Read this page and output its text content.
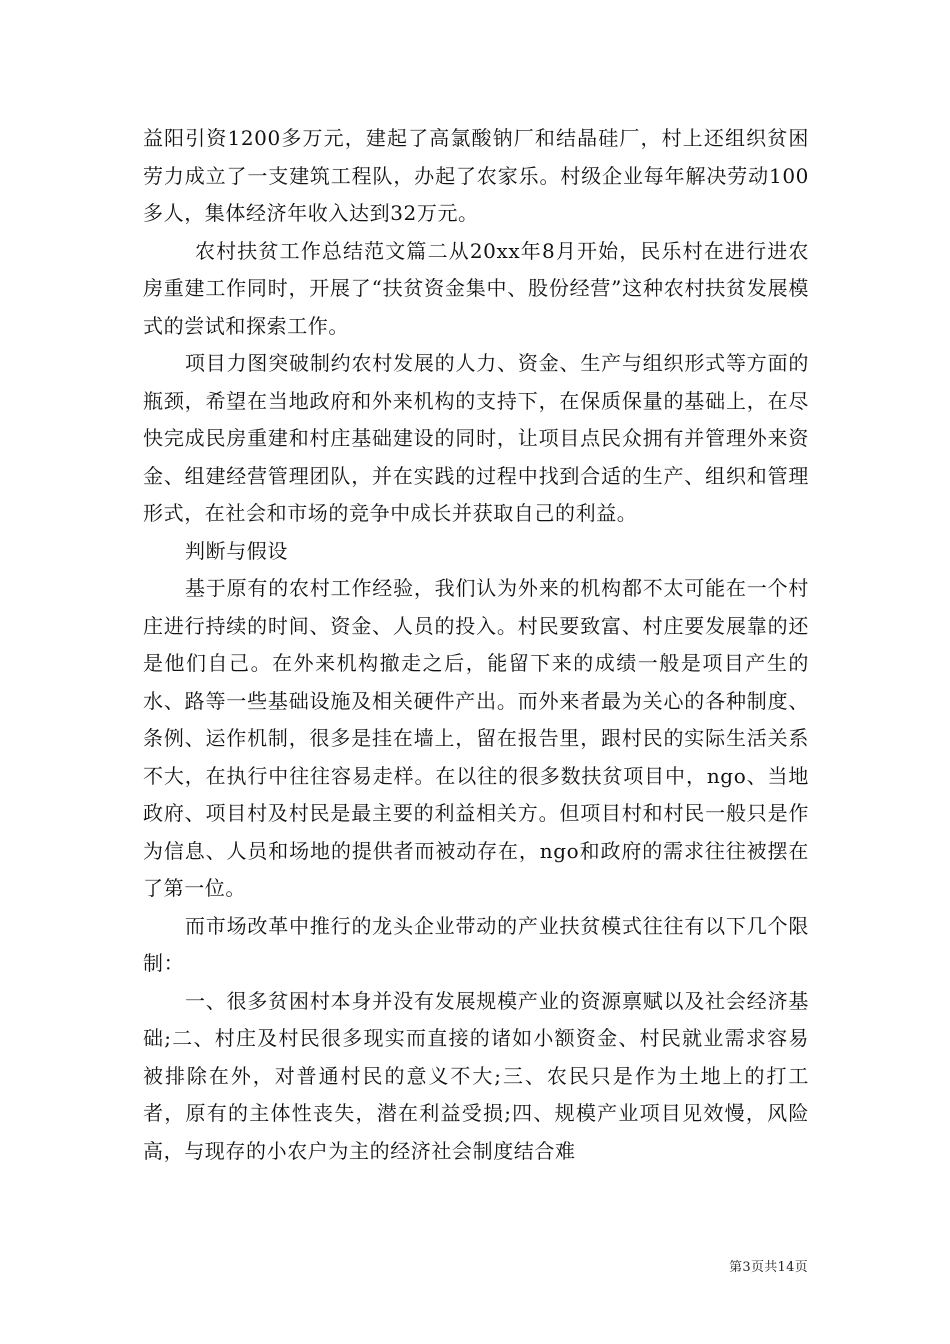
益阳引资1200多万元，建起了高氯酸钠厂和结晶硅厂，村上还组织贫困劳力成立了一支建筑工程队，办起了农家乐。村级企业每年解决劳动100多人，集体经济年收入达到32万元。

农村扶贫工作总结范文篇二从20xx年8月开始，民乐村在进行进农房重建工作同时，开展了“扶贫资金集中、股份经营”这种农村扶贫发展模式的尝试和探索工作。

项目力图突破制约农村发展的人力、资金、生产与组织形式等方面的瓶颈，希望在当地政府和外来机构的支持下，在保质保量的基础上，在尽快完成民房重建和村庄基础建设的同时，让项目点民众拥有并管理外来资金、组建经营管理团队，并在实践的过程中找到合适的生产、组织和管理形式，在社会和市场的竞争中成长并获取自己的利益。

判断与假设

基于原有的农村工作经验，我们认为外来的机构都不太可能在一个村庄进行持续的时间、资金、人员的投入。村民要致富、村庄要发展靠的还是他们自己。在外来机构撤走之后，能留下来的成绩一般是项目产生的水、路等一些基础设施及相关硬件产出。而外来者最为关心的各种制度、条例、运作机制，很多是挂在墙上，留在报告里，跟村民的实际生活关系不大，在执行中往往容易走样。在以往的很多数扶贫项目中，ngo、当地政府、项目村及村民是最主要的利益相关方。但项目村和村民一般只是作为信息、人员和场地的提供者而被动存在，ngo和政府的需求往往被摆在了第一位。

而市场改革中推行的龙头企业带动的产业扶贫模式往往有以下几个限制：

一、很多贫困村本身并没有发展规模产业的资源禀赋以及社会经济基础;二、村庄及村民很多现实而直接的诸如小额资金、村民就业需求容易被排除在外，对普通村民的意义不大;三、农民只是作为土地上的打工者，原有的主体性丧失，潜在利益受损;四、规模产业项目见效慢，风险高，与现存的小农户为主的经济社会制度结合难

第3页共14页
